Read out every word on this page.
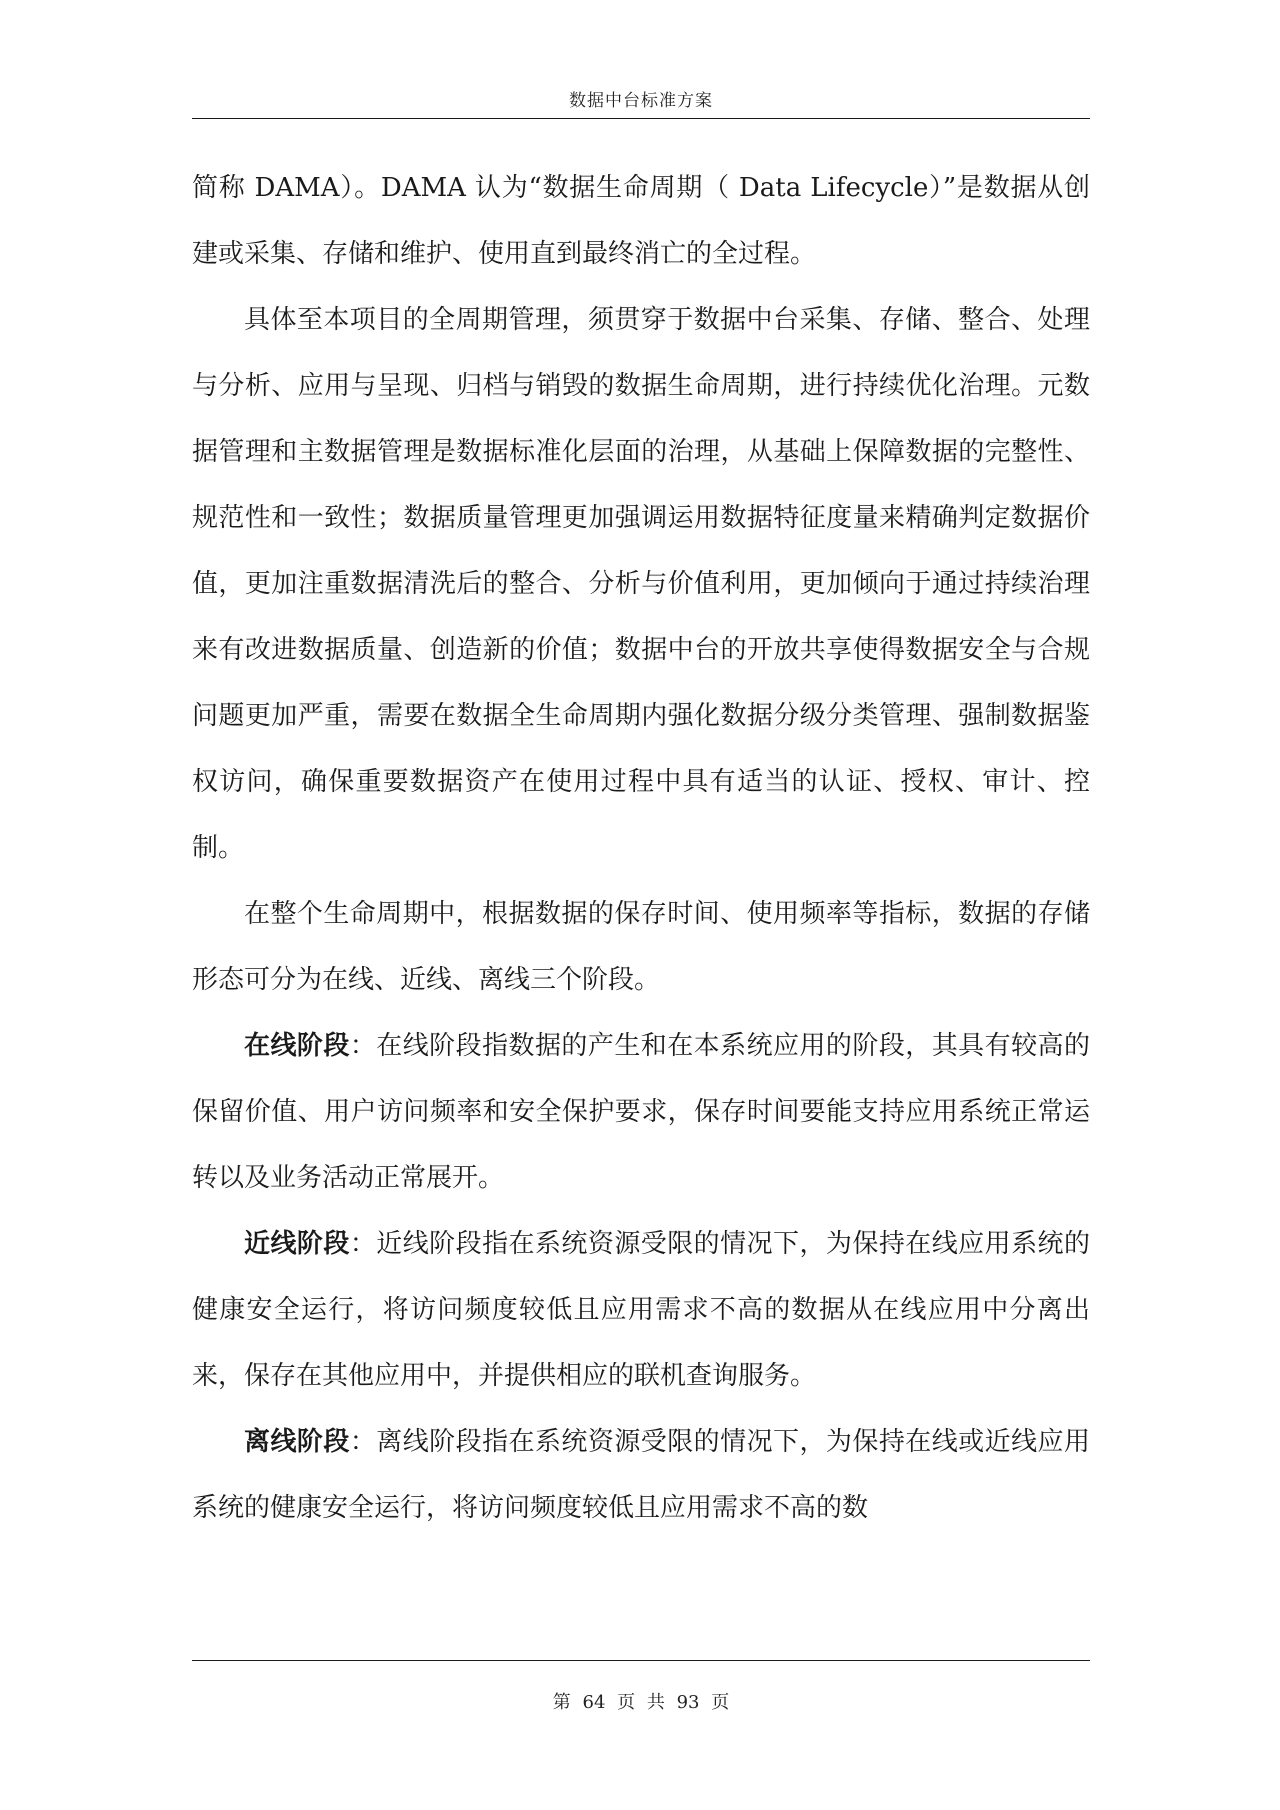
数据中台标准方案

简称 DAMA）。DAMA 认为“数据生命周期（ Data Lifecycle）”是数据从创建或采集、存储和维护、使用直到最终消亡的全过程。

具体至本项目的全周期管理，须贯穿于数据中台采集、存储、整合、处理与分析、应用与呈现、归档与销毁的数据生命周期，进行持续优化治理。元数据管理和主数据管理是数据标准化层面的治理，从基础上保障数据的完整性、规范性和一致性；数据质量管理更加强调运用数据特征度量来精确判定数据价值，更加注重数据清洗后的整合、分析与价值利用，更加倾向于通过持续治理来有改进数据质量、创造新的价值；数据中台的开放共享使得数据安全与合规问题更加严重，需要在数据全生命周期内强化数据分级分类管理、强制数据鉴权访问，确保重要数据资产在使用过程中具有适当的认证、授权、审计、控制。

在整个生命周期中，根据数据的保存时间、使用频率等指标，数据的存储形态可分为在线、近线、离线三个阶段。

在线阶段：在线阶段指数据的产生和在本系统应用的阶段，其具有较高的保留价值、用户访问频率和安全保护要求，保存时间要能支持应用系统正常运转以及业务活动正常展开。

近线阶段：近线阶段指在系统资源受限的情况下，为保持在线应用系统的健康安全运行，将访问频度较低且应用需求不高的数据从在线应用中分离出来，保存在其他应用中，并提供相应的联机查询服务。

离线阶段：离线阶段指在系统资源受限的情况下，为保持在线或近线应用系统的健康安全运行，将访问频度较低且应用需求不高的数

第 64 页 共 93 页
